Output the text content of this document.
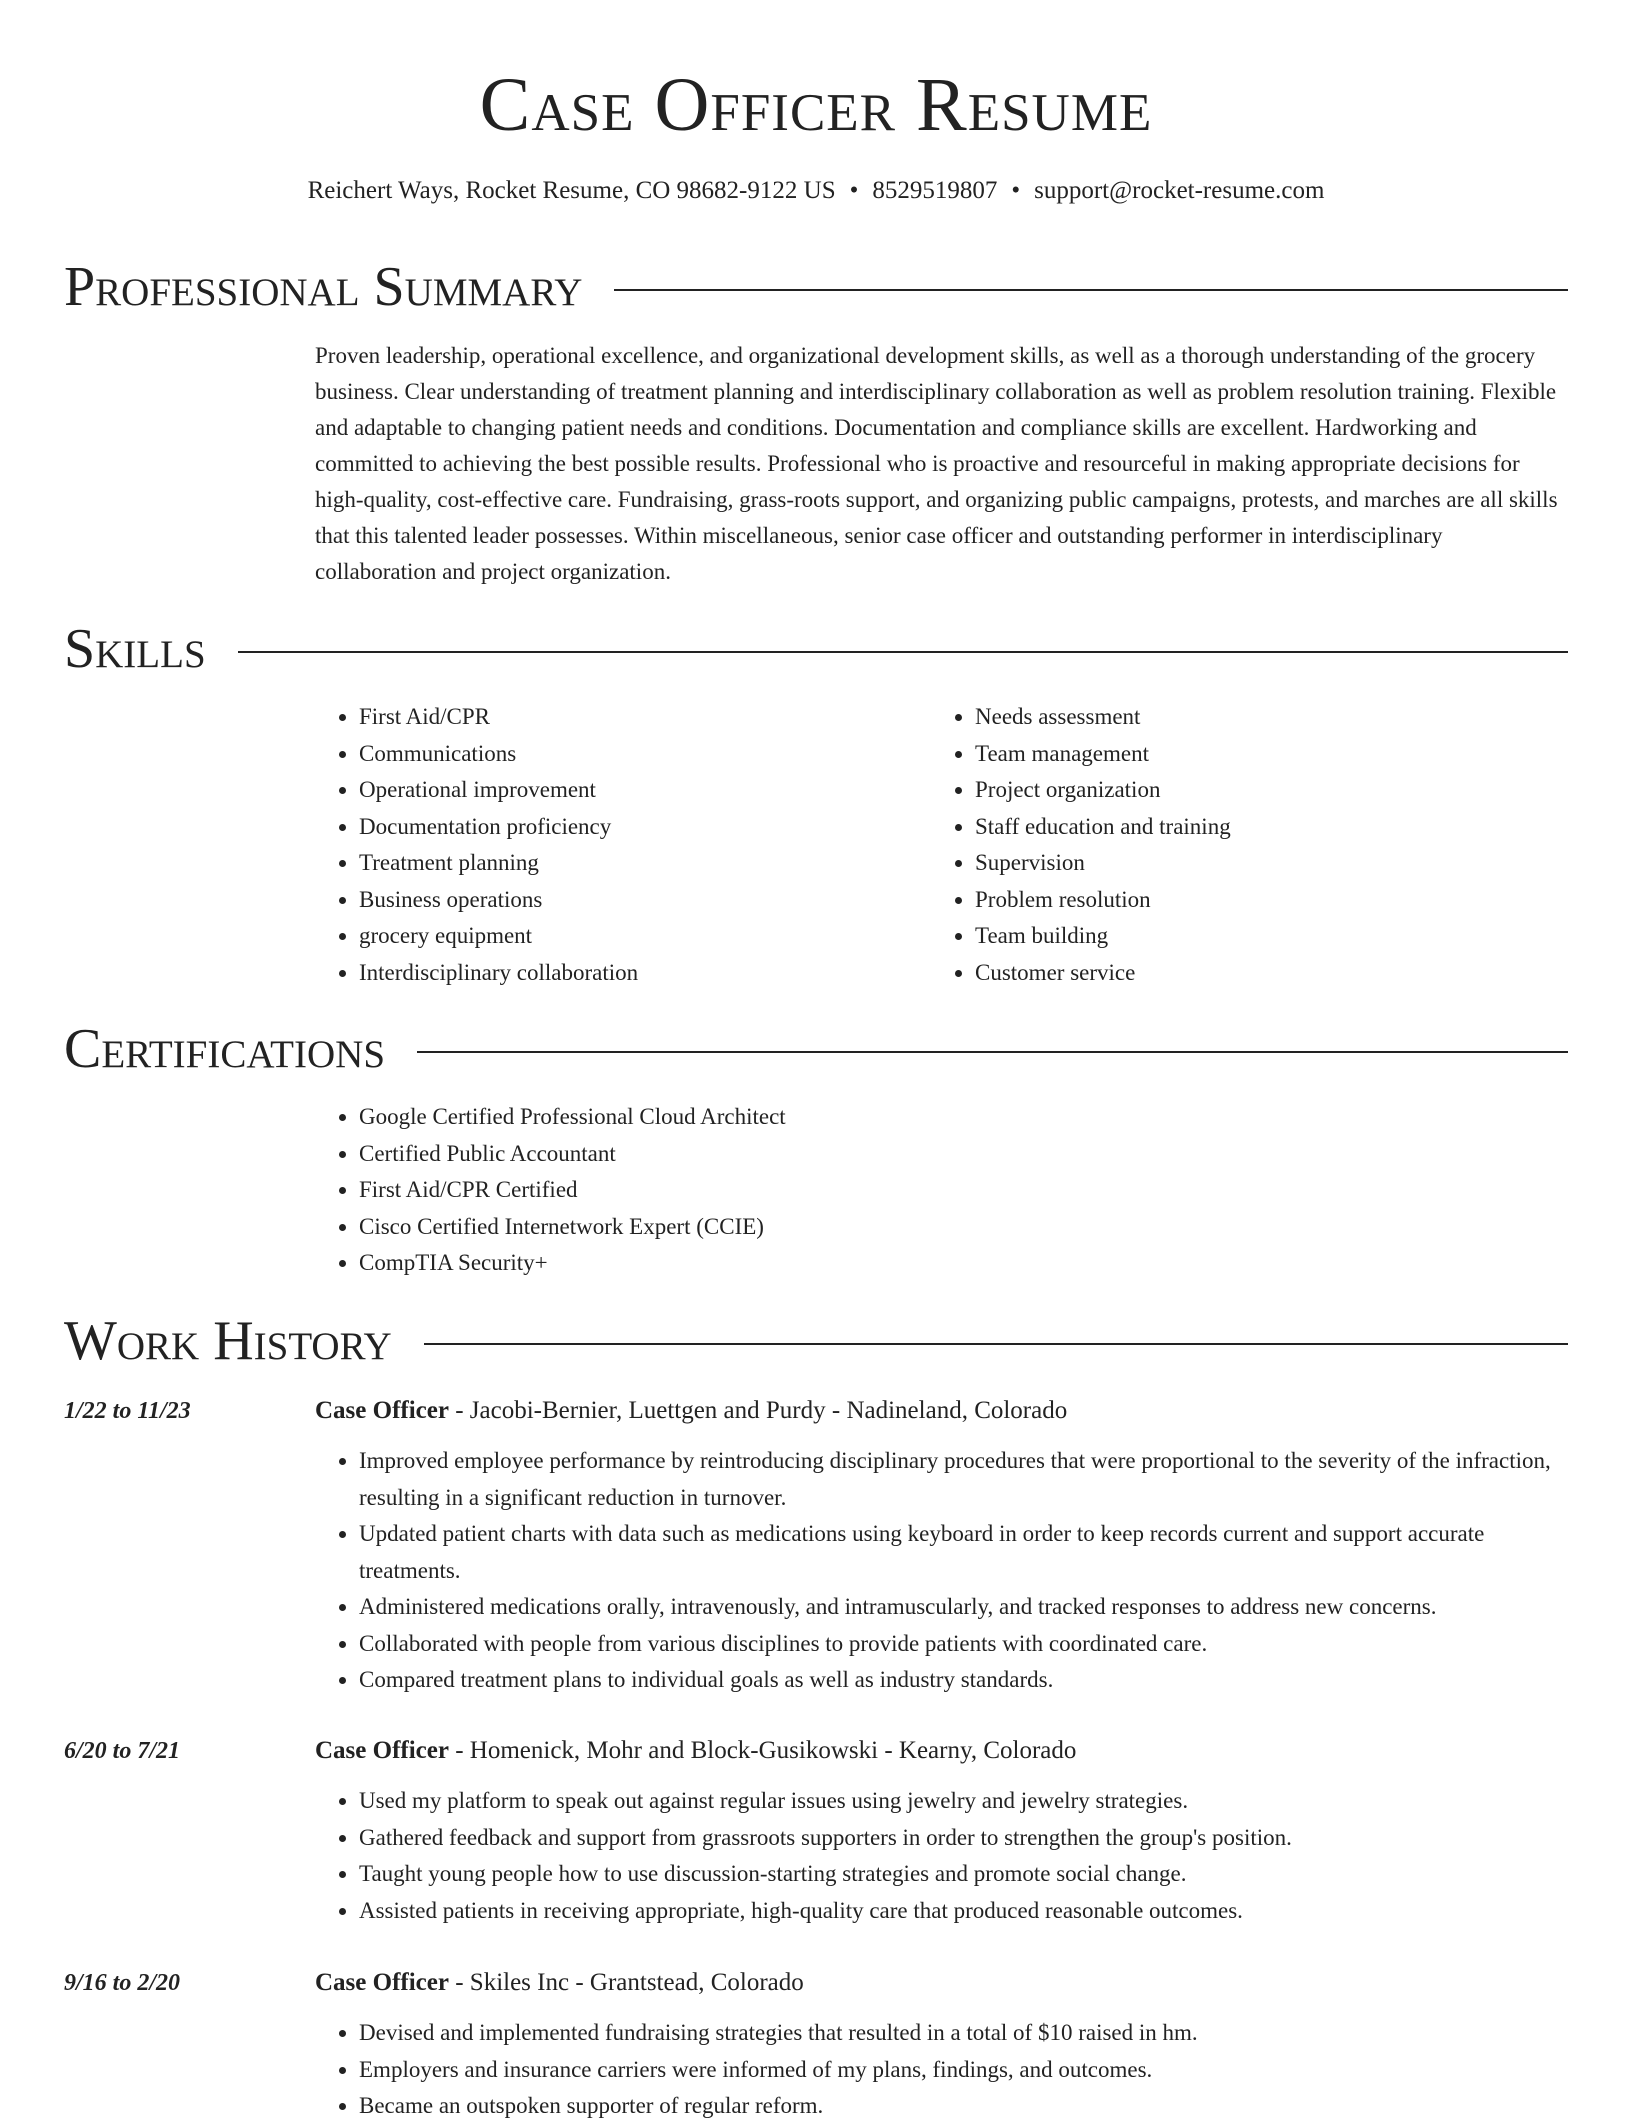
Case Officer Resume
Reichert Ways, Rocket Resume, CO 98682-9122 US • 8529519807 • support@rocket-resume.com
Professional Summary

Proven leadership, operational excellence, and organizational development skills, as well as a thorough understanding of the grocery business. Clear understanding of treatment planning and interdisciplinary collaboration as well as problem resolution training. Flexible and adaptable to changing patient needs and conditions. Documentation and compliance skills are excellent. Hardworking and committed to achieving the best possible results. Professional who is proactive and resourceful in making appropriate decisions for high-quality, cost-effective care. Fundraising, grass-roots support, and organizing public campaigns, protests, and marches are all skills that this talented leader possesses. Within miscellaneous, senior case officer and outstanding performer in interdisciplinary collaboration and project organization.

Skills
• First Aid/CPR
• Communications
• Operational improvement
• Documentation proficiency
• Treatment planning
• Business operations
• grocery equipment
• Interdisciplinary collaboration
• Needs assessment
• Team management
• Project organization
• Staff education and training
• Supervision
• Problem resolution
• Team building
• Customer service
Certifications
• Google Certified Professional Cloud Architect
• Certified Public Accountant
• First Aid/CPR Certified
• Cisco Certified Internetwork Expert (CCIE)
• CompTIA Security+
Work History
1/22 to 11/23	Case Officer - Jacobi-Bernier, Luettgen and Purdy - Nadineland, Colorado
• Improved employee performance by reintroducing disciplinary procedures that were proportional to the severity of the infraction, resulting in a significant reduction in turnover.
• Updated patient charts with data such as medications using keyboard in order to keep records current and support accurate treatments.
• Administered medications orally, intravenously, and intramuscularly, and tracked responses to address new concerns.
• Collaborated with people from various disciplines to provide patients with coordinated care.
• Compared treatment plans to individual goals as well as industry standards.
6/20 to 7/21	Case Officer - Homenick, Mohr and Block-Gusikowski - Kearny, Colorado
• Used my platform to speak out against regular issues using jewelry and jewelry strategies.
• Gathered feedback and support from grassroots supporters in order to strengthen the group's position.
• Taught young people how to use discussion-starting strategies and promote social change.
• Assisted patients in receiving appropriate, high-quality care that produced reasonable outcomes.
9/16 to 2/20	Case Officer - Skiles Inc - Grantstead, Colorado
• Devised and implemented fundraising strategies that resulted in a total of $10 raised in hm.
• Employers and insurance carriers were informed of my plans, findings, and outcomes.
• Became an outspoken supporter of regular reform.
